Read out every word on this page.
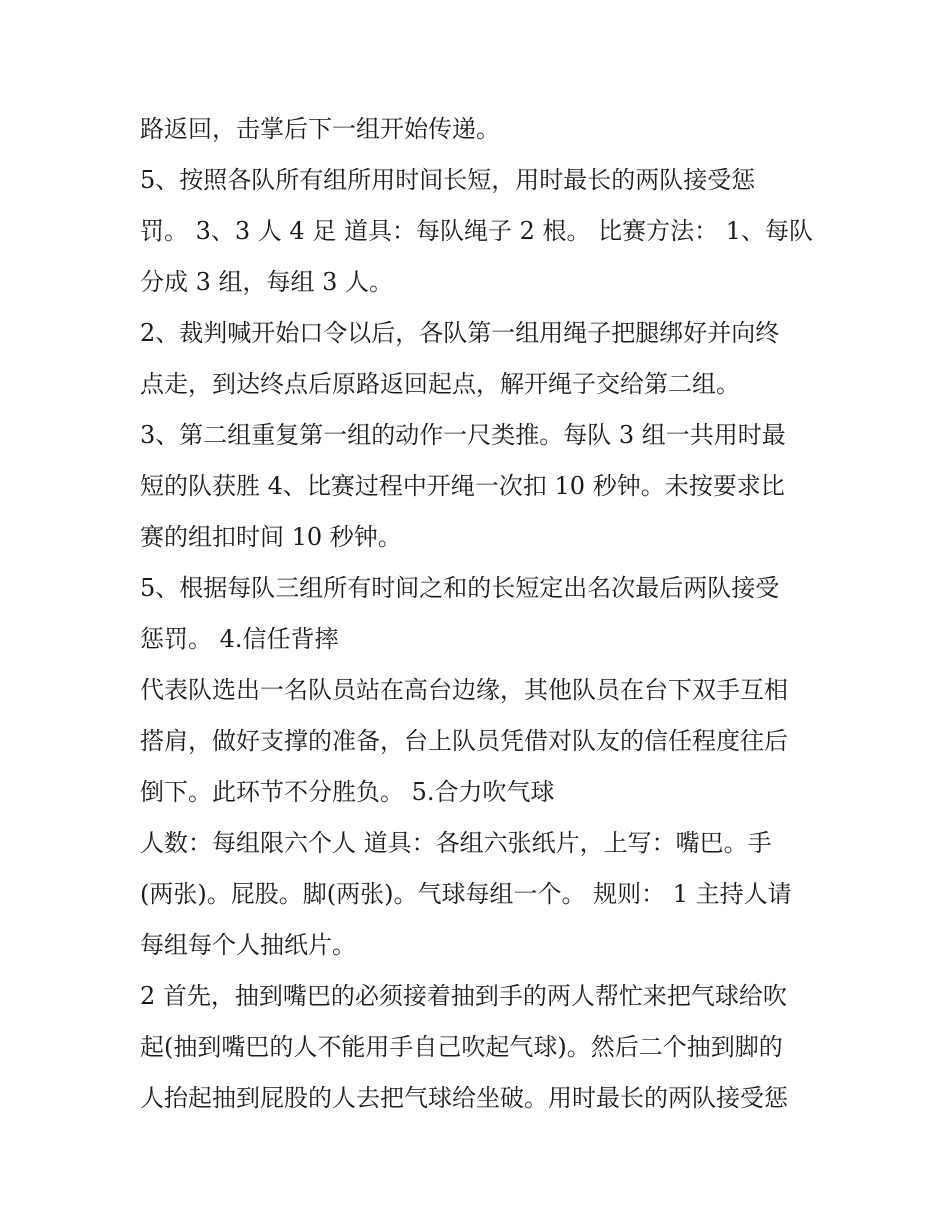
路返回，击掌后下一组开始传递。
5、按照各队所有组所用时间长短，用时最长的两队接受惩
罚。 3、3 人 4 足 道具：每队绳子 2 根。 比赛方法： 1、每队
分成 3 组，每组 3 人。
2、裁判喊开始口令以后，各队第一组用绳子把腿绑好并向终
点走，到达终点后原路返回起点，解开绳子交给第二组。
3、第二组重复第一组的动作一尺类推。每队 3 组一共用时最
短的队获胜 4、比赛过程中开绳一次扣 10 秒钟。未按要求比
赛的组扣时间 10 秒钟。
5、根据每队三组所有时间之和的长短定出名次最后两队接受
惩罚。 4.信任背摔
代表队选出一名队员站在高台边缘，其他队员在台下双手互相
搭肩，做好支撑的准备，台上队员凭借对队友的信任程度往后
倒下。此环节不分胜负。 5.合力吹气球
人数：每组限六个人 道具：各组六张纸片，上写：嘴巴。手
(两张)。屁股。脚(两张)。气球每组一个。 规则： 1 主持人请
每组每个人抽纸片。
2 首先，抽到嘴巴的必须接着抽到手的两人帮忙来把气球给吹
起(抽到嘴巴的人不能用手自己吹起气球)。然后二个抽到脚的
人抬起抽到屁股的人去把气球给坐破。用时最长的两队接受惩
